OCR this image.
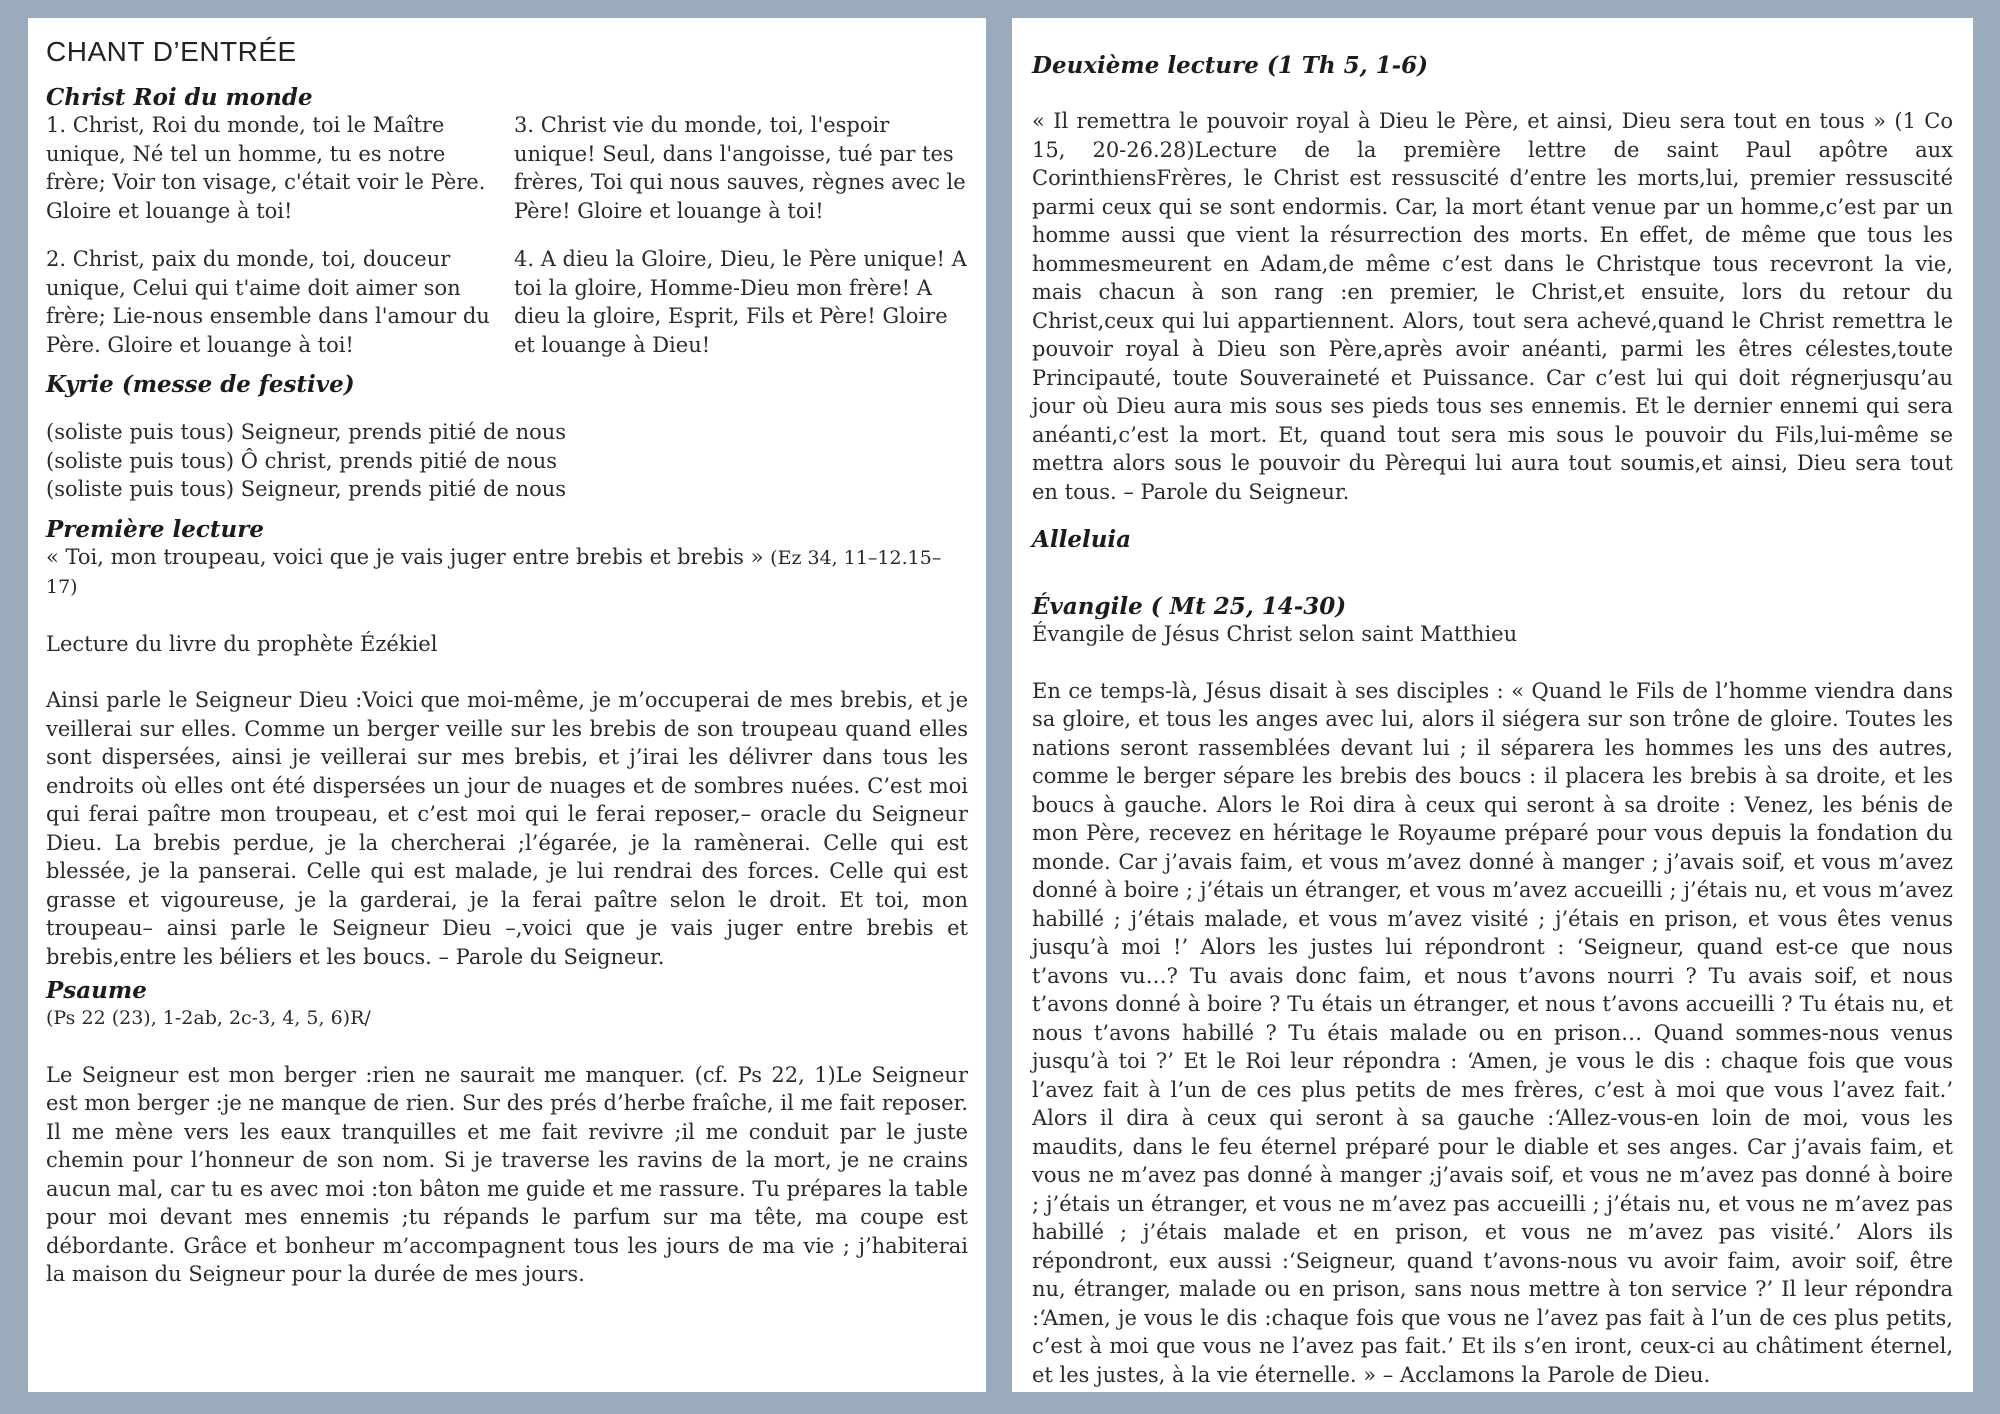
CHANT D’ENTRÉE
Christ Roi du monde

1. Christ, Roi du monde, toi le Maître unique, Né tel un homme, tu es notre frère; Voir ton visage, c'était voir le Père. Gloire et louange à toi!

2. Christ, paix du monde, toi, douceur unique, Celui qui t'aime doit aimer son frère; Lie-nous ensemble dans l'amour du Père. Gloire et louange à toi!

3. Christ vie du monde, toi, l'espoir unique! Seul, dans l'angoisse, tué par tes frères, Toi qui nous sauves, règnes avec le Père! Gloire et louange à toi!

4. A dieu la Gloire, Dieu, le Père unique! A toi la gloire, Homme-Dieu mon frère! A dieu la gloire, Esprit, Fils et Père! Gloire et louange à Dieu!

Kyrie (messe de festive)

(soliste puis tous) Seigneur, prends pitié de nous

(soliste puis tous) Ô christ, prends pitié de nous

(soliste puis tous) Seigneur, prends pitié de nous

Première lecture

« Toi, mon troupeau, voici que je vais juger entre brebis et brebis » (Ez 34, 11–12.15–17)

Lecture du livre du prophète Ézékiel

Ainsi parle le Seigneur Dieu :Voici que moi-même, je m’occuperai de mes brebis, et je veillerai sur elles. Comme un berger veille sur les brebis de son troupeau quand elles sont dispersées, ainsi je veillerai sur mes brebis, et j’irai les délivrer dans tous les endroits où elles ont été dispersées un jour de nuages et de sombres nuées. C’est moi qui ferai paître mon troupeau, et c’est moi qui le ferai reposer,– oracle du Seigneur Dieu. La brebis perdue, je la chercherai ;l’égarée, je la ramènerai. Celle qui est blessée, je la panserai. Celle qui est malade, je lui rendrai des forces. Celle qui est grasse et vigoureuse, je la garderai, je la ferai paître selon le droit. Et toi, mon troupeau– ainsi parle le Seigneur Dieu –,voici que je vais juger entre brebis et brebis,entre les béliers et les boucs. – Parole du Seigneur.

Psaume

(Ps 22 (23), 1-2ab, 2c-3, 4, 5, 6)R/

Le Seigneur est mon berger :rien ne saurait me manquer. (cf. Ps 22, 1)Le Seigneur est mon berger :je ne manque de rien. Sur des prés d’herbe fraîche, il me fait reposer. Il me mène vers les eaux tranquilles et me fait revivre ;il me conduit par le juste chemin pour l’honneur de son nom. Si je traverse les ravins de la mort, je ne crains aucun mal, car tu es avec moi :ton bâton me guide et me rassure. Tu prépares la table pour moi devant mes ennemis ;tu répands le parfum sur ma tête, ma coupe est débordante. Grâce et bonheur m’accompagnent tous les jours de ma vie ; j’habiterai la maison du Seigneur pour la durée de mes jours.

Deuxième lecture (1 Th 5, 1-6)

« Il remettra le pouvoir royal à Dieu le Père, et ainsi, Dieu sera tout en tous » (1 Co 15, 20-26.28)Lecture de la première lettre de saint Paul apôtre aux CorinthiensFrères, le Christ est ressuscité d’entre les morts,lui, premier ressuscité parmi ceux qui se sont endormis. Car, la mort étant venue par un homme,c’est par un homme aussi que vient la résurrection des morts. En effet, de même que tous les hommesmeurent en Adam,de même c’est dans le Christque tous recevront la vie, mais chacun à son rang :en premier, le Christ,et ensuite, lors du retour du Christ,ceux qui lui appartiennent. Alors, tout sera achevé,quand le Christ remettra le pouvoir royal à Dieu son Père,après avoir anéanti, parmi les êtres célestes,toute Principauté, toute Souveraineté et Puissance. Car c’est lui qui doit régnerjusqu’au jour où Dieu aura mis sous ses pieds tous ses ennemis. Et le dernier ennemi qui sera anéanti,c’est la mort. Et, quand tout sera mis sous le pouvoir du Fils,lui-même se mettra alors sous le pouvoir du Pèrequi lui aura tout soumis,et ainsi, Dieu sera tout en tous. – Parole du Seigneur.

Alleluia
Évangile ( Mt 25, 14-30)

Évangile de Jésus Christ selon saint Matthieu

En ce temps-là, Jésus disait à ses disciples : « Quand le Fils de l’homme viendra dans sa gloire, et tous les anges avec lui, alors il siégera sur son trône de gloire. Toutes les nations seront rassemblées devant lui ; il séparera les hommes les uns des autres, comme le berger sépare les brebis des boucs : il placera les brebis à sa droite, et les boucs à gauche. Alors le Roi dira à ceux qui seront à sa droite : Venez, les bénis de mon Père, recevez en héritage le Royaume préparé pour vous depuis la fondation du monde. Car j’avais faim, et vous m’avez donné à manger ; j’avais soif, et vous m’avez donné à boire ; j’étais un étranger, et vous m’avez accueilli ; j’étais nu, et vous m’avez habillé ; j’étais malade, et vous m’avez visité ; j’étais en prison, et vous êtes venus jusqu’à moi !’ Alors les justes lui répondront : ‘Seigneur, quand est-ce que nous t’avons vu…? Tu avais donc faim, et nous t’avons nourri ? Tu avais soif, et nous t’avons donné à boire ? Tu étais un étranger, et nous t’avons accueilli ? Tu étais nu, et nous t’avons habillé ? Tu étais malade ou en prison… Quand sommes-nous venus jusqu’à toi ?’ Et le Roi leur répondra : ‘Amen, je vous le dis : chaque fois que vous l’avez fait à l’un de ces plus petits de mes frères, c’est à moi que vous l’avez fait.’ Alors il dira à ceux qui seront à sa gauche :‘Allez-vous-en loin de moi, vous les maudits, dans le feu éternel préparé pour le diable et ses anges. Car j’avais faim, et vous ne m’avez pas donné à manger ;j’avais soif, et vous ne m’avez pas donné à boire ; j’étais un étranger, et vous ne m’avez pas accueilli ; j’étais nu, et vous ne m’avez pas habillé ; j’étais malade et en prison, et vous ne m’avez pas visité.’ Alors ils répondront, eux aussi :‘Seigneur, quand t’avons-nous vu avoir faim, avoir soif, être nu, étranger, malade ou en prison, sans nous mettre à ton service ?’ Il leur répondra :‘Amen, je vous le dis :chaque fois que vous ne l’avez pas fait à l’un de ces plus petits, c’est à moi que vous ne l’avez pas fait.’ Et ils s’en iront, ceux-ci au châtiment éternel, et les justes, à la vie éternelle. » – Acclamons la Parole de Dieu.
